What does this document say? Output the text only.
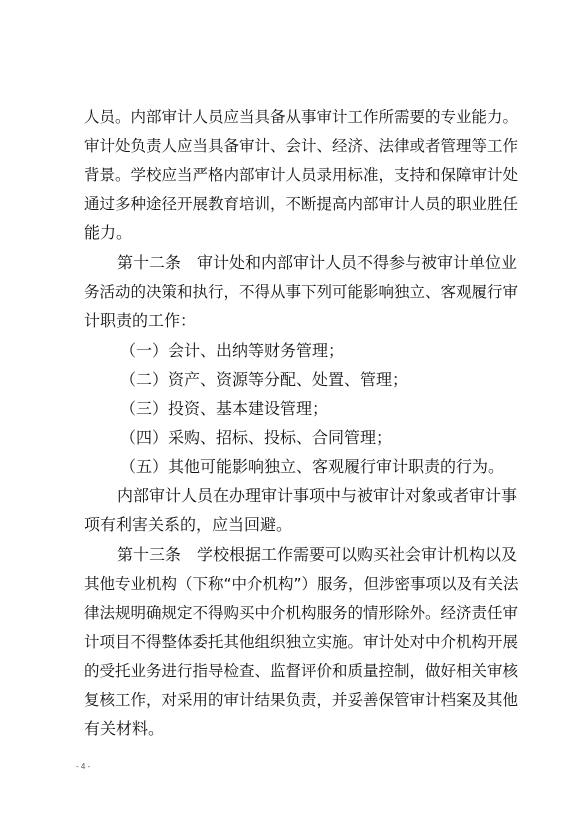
人员。内部审计人员应当具备从事审计工作所需要的专业能力。
审计处负责人应当具备审计、会计、经济、法律或者管理等工作
背景。学校应当严格内部审计人员录用标准，支持和保障审计处
通过多种途径开展教育培训，不断提高内部审计人员的职业胜任
能力。
第十二条　审计处和内部审计人员不得参与被审计单位业
务活动的决策和执行，不得从事下列可能影响独立、客观履行审
计职责的工作：
（一）会计、出纳等财务管理；
（二）资产、资源等分配、处置、管理；
（三）投资、基本建设管理；
（四）采购、招标、投标、合同管理；
（五）其他可能影响独立、客观履行审计职责的行为。
内部审计人员在办理审计事项中与被审计对象或者审计事
项有利害关系的，应当回避。
第十三条　学校根据工作需要可以购买社会审计机构以及
其他专业机构（下称“中介机构”）服务，但涉密事项以及有关法
律法规明确规定不得购买中介机构服务的情形除外。经济责任审
计项目不得整体委托其他组织独立实施。审计处对中介机构开展
的受托业务进行指导检查、监督评价和质量控制，做好相关审核
复核工作，对采用的审计结果负责，并妥善保管审计档案及其他
有关材料。
- 4 -
